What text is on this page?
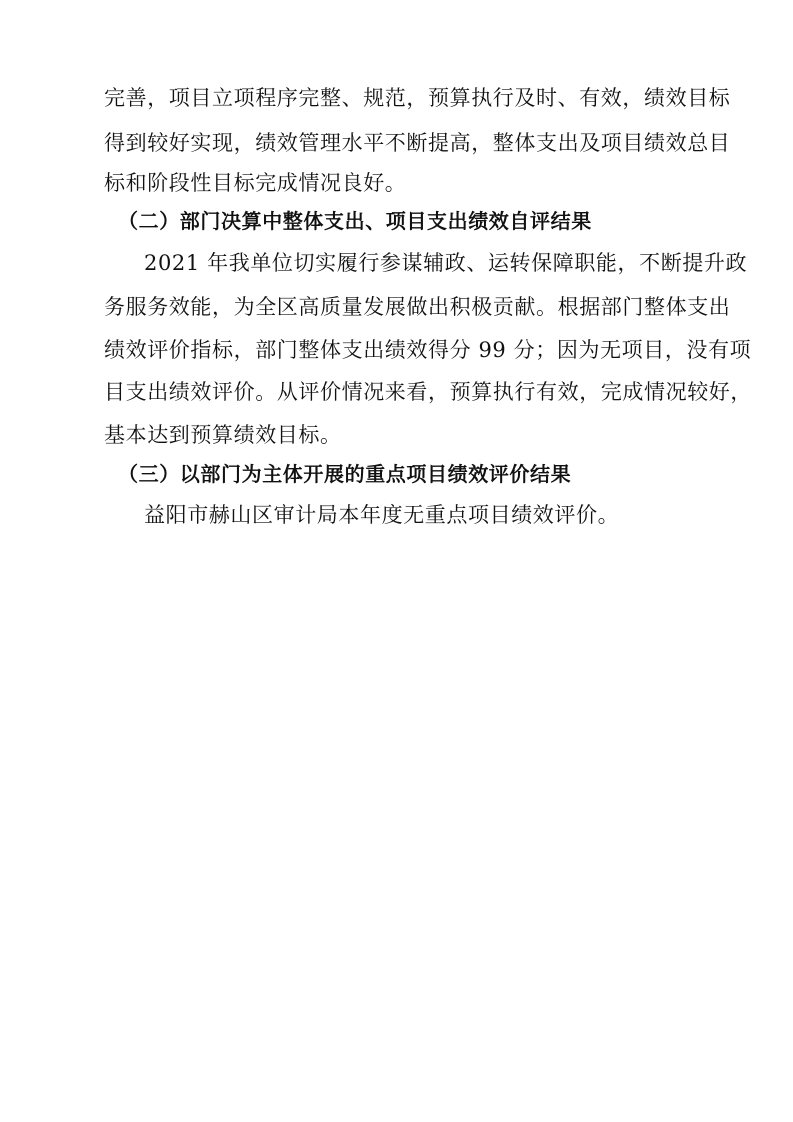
完善，项目立项程序完整、规范，预算执行及时、有效，绩效目标
得到较好实现，绩效管理水平不断提高，整体支出及项目绩效总目
标和阶段性目标完成情况良好。
（二）部门决算中整体支出、项目支出绩效自评结果
2021 年我单位切实履行参谋辅政、运转保障职能，不断提升政
务服务效能，为全区高质量发展做出积极贡献。根据部门整体支出
绩效评价指标，部门整体支出绩效得分 99 分；因为无项目，没有项
目支出绩效评价。从评价情况来看，预算执行有效，完成情况较好，
基本达到预算绩效目标。
（三）以部门为主体开展的重点项目绩效评价结果
益阳市赫山区审计局本年度无重点项目绩效评价。
